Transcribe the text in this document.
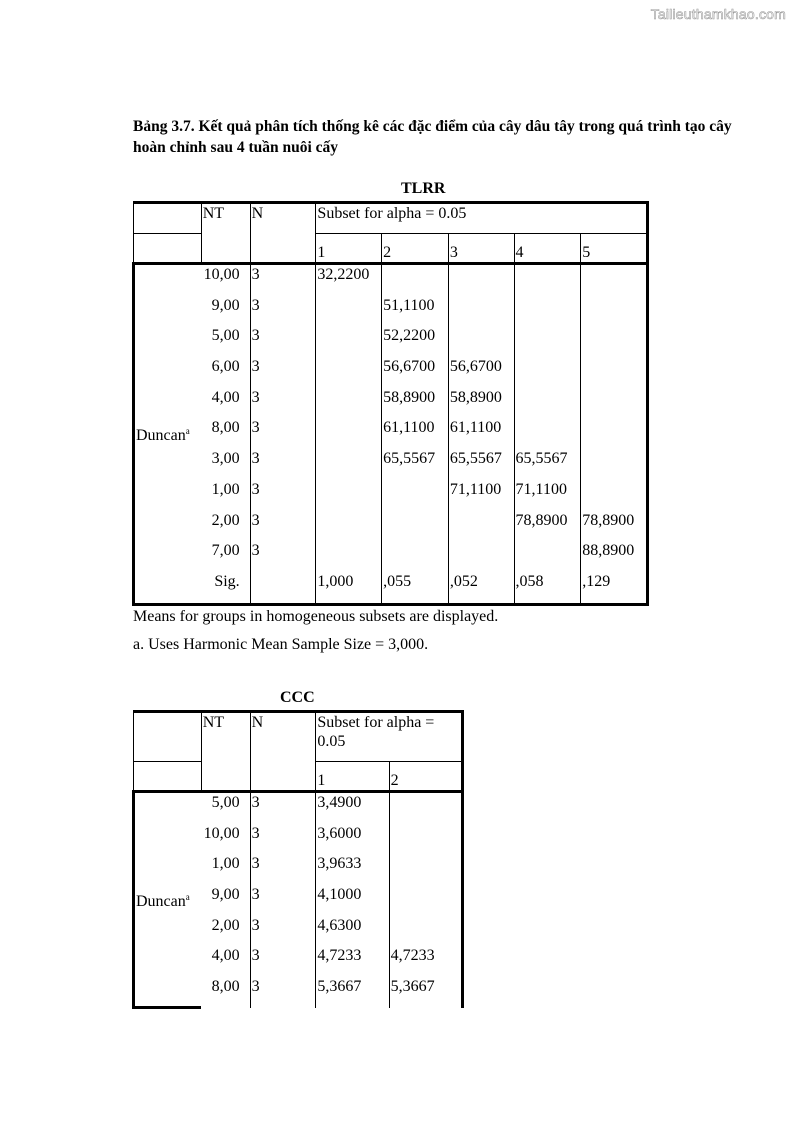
Tailieuthamkhao.com
Bảng 3.7. Kết quả phân tích thống kê các đặc điểm của cây dâu tây trong quá trình tạo cây hoàn chỉnh sau 4 tuần nuôi cấy
TLRR
	NT	N	Subset for alpha = 0.05				
			1	2	3	4	5
Duncan$^a$	10,00	3	32,2200				
	9,00	3		51,1100			
	5,00	3		52,2200			
	6,00	3		56,6700	56,6700		
	4,00	3		58,8900	58,8900		
	8,00	3		61,1100	61,1100		
	3,00	3		65,5567	65,5567	65,5567	
	1,00	3			71,1100	71,1100	
	2,00	3				78,8900	78,8900
	7,00	3					88,8900
	Sig.		1,000	,055	,052	,058	,129
Means for groups in homogeneous subsets are displayed.
a. Uses Harmonic Mean Sample Size = 3,000.
CCC
	NT	N	Subset for alpha = 0.05	
			1	2
Duncan$^a$	5,00	3	3,4900	
	10,00	3	3,6000	
	1,00	3	3,9633	
	9,00	3	4,1000	
	2,00	3	4,6300	
	4,00	3	4,7233	4,7233
	8,00	3	5,3667	5,3667
